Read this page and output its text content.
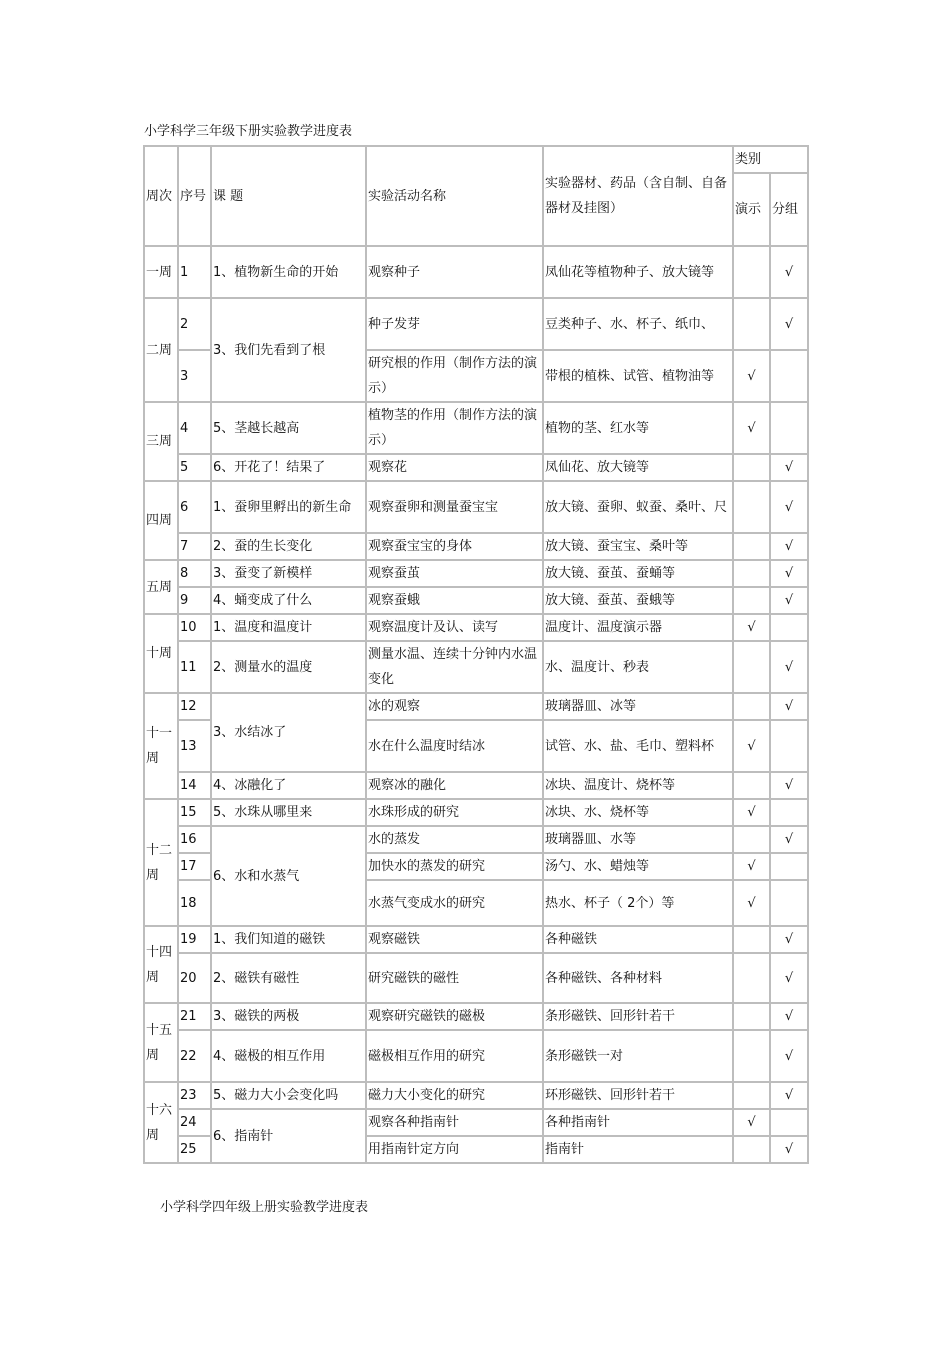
小学科学三年级下册实验教学进度表
周次	序号	课 题	实验活动名称	实验器材、药品（含自制、自备器材及挂图）	类别	
					演示	分组
一周	1	1、植物新生命的开始	观察种子	凤仙花等植物种子、放大镜等		√
二周	2	3、我们先看到了根	种子发芽	豆类种子、水、杯子、纸巾、		√
	3		研究根的作用（制作方法的演示）	带根的植株、试管、植物油等	√	
三周	4	5、茎越长越高	植物茎的作用（制作方法的演示）	植物的茎、红水等	√	
	5	6、开花了！结果了	观察花	凤仙花、放大镜等		√
四周	6	1、蚕卵里孵出的新生命	观察蚕卵和测量蚕宝宝	放大镜、蚕卵、蚁蚕、桑叶、尺		√
	7	2、蚕的生长变化	观察蚕宝宝的身体	放大镜、蚕宝宝、桑叶等		√
五周	8	3、蚕变了新模样	观察蚕茧	放大镜、蚕茧、蚕蛹等		√
	9	4、蛹变成了什么	观察蚕蛾	放大镜、蚕茧、蚕蛾等		√
十周	10	1、温度和温度计	观察温度计及认、读写	温度计、温度演示器	√	
	11	2、测量水的温度	测量水温、连续十分钟内水温变化	水、温度计、秒表		√
十一周	12	3、水结冰了	冰的观察	玻璃器皿、冰等		√
	13		水在什么温度时结冰	试管、水、盐、毛巾、塑料杯	√	
	14	4、冰融化了	观察冰的融化	冰块、温度计、烧杯等		√
十二周	15	5、水珠从哪里来	水珠形成的研究	冰块、水、烧杯等	√	
	16	6、水和水蒸气	水的蒸发	玻璃器皿、水等		√
	17		加快水的蒸发的研究	汤勺、水、蜡烛等	√	
	18		水蒸气变成水的研究	热水、杯子（ 2个）等	√	
十四周	19	1、我们知道的磁铁	观察磁铁	各种磁铁		√
	20	2、磁铁有磁性	研究磁铁的磁性	各种磁铁、各种材料		√
十五周	21	3、磁铁的两极	观察研究磁铁的磁极	条形磁铁、回形针若干		√
	22	4、磁极的相互作用	磁极相互作用的研究	条形磁铁一对		√
十六周	23	5、磁力大小会变化吗	磁力大小变化的研究	环形磁铁、回形针若干		√
	24	6、指南针	观察各种指南针	各种指南针	√	
	25		用指南针定方向	指南针		√
小学科学四年级上册实验教学进度表
